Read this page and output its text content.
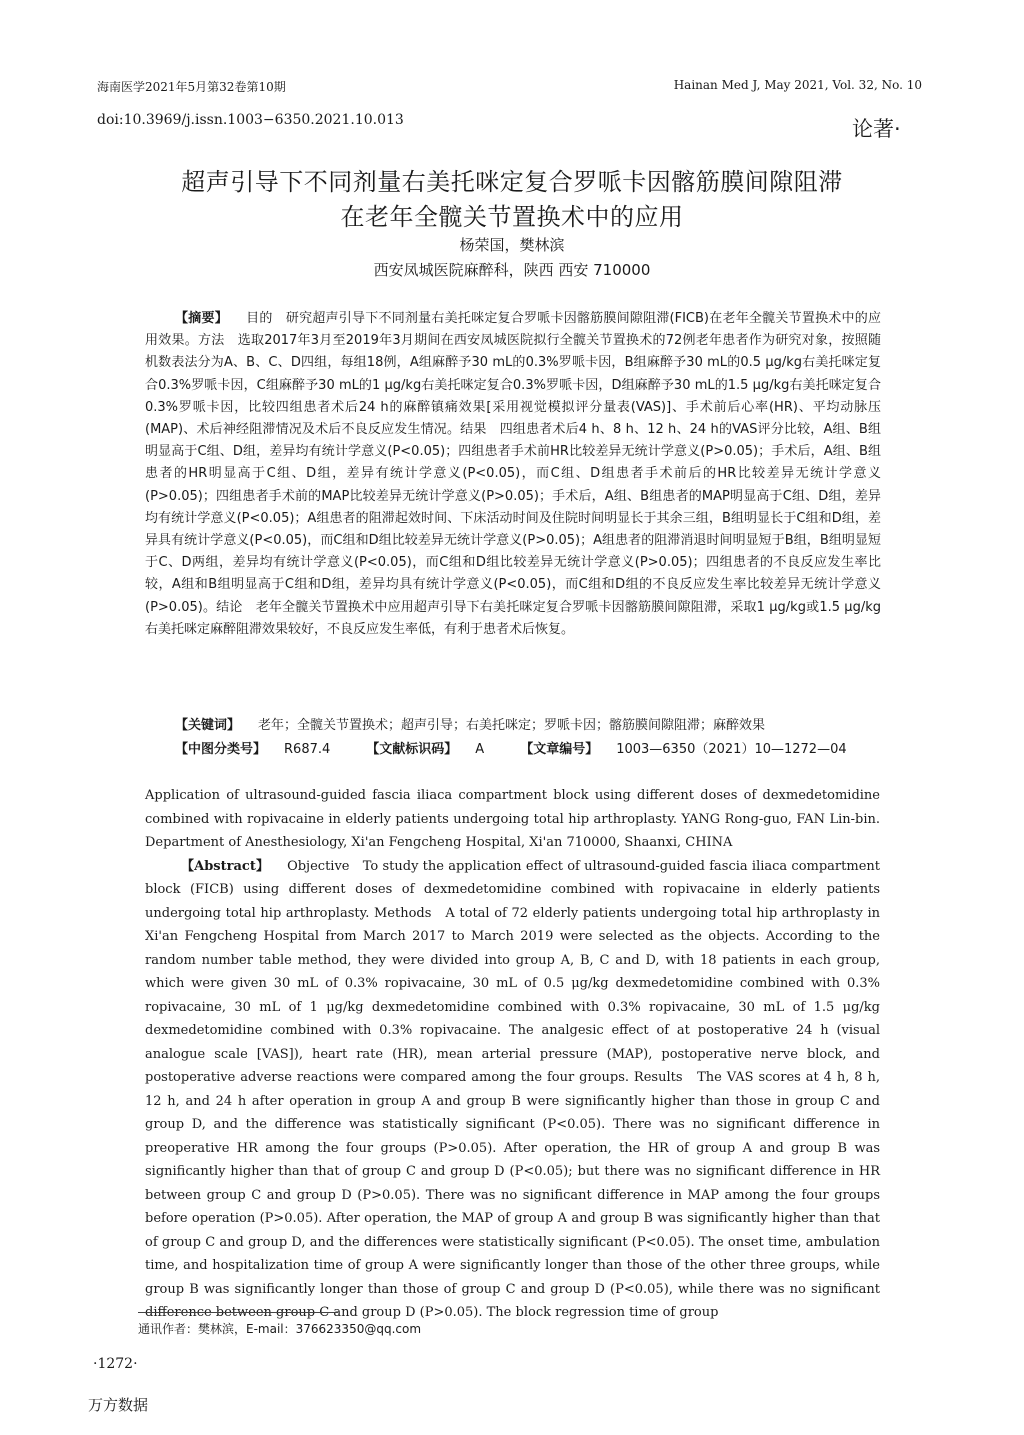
海南医学2021年5月第32卷第10期	Hainan Med J, May 2021, Vol. 32, No. 10
doi:10.3969/j.issn.1003−6350.2021.10.013	论著·
超声引导下不同剂量右美托咪定复合罗哌卡因髂筋膜间隙阻滞
在老年全髋关节置换术中的应用
杨荣国，樊林滨
西安凤城医院麻醉科，陕西 西安 710000

【摘要】 目的　研究超声引导下不同剂量右美托咪定复合罗哌卡因髂筋膜间隙阻滞(FICB)在老年全髋关节置换术中的应用效果。方法　选取2017年3月至2019年3月期间在西安凤城医院拟行全髋关节置换术的72例老年患者作为研究对象，按照随机数表法分为A、B、C、D四组，每组18例，A组麻醉予30 mL的0.3%罗哌卡因，B组麻醉予30 mL的0.5 μg/kg右美托咪定复合0.3%罗哌卡因，C组麻醉予30 mL的1 μg/kg右美托咪定复合0.3%罗哌卡因，D组麻醉予30 mL的1.5 μg/kg右美托咪定复合0.3%罗哌卡因，比较四组患者术后24 h的麻醉镇痛效果[采用视觉模拟评分量表(VAS)]、手术前后心率(HR)、平均动脉压(MAP)、术后神经阻滞情况及术后不良反应发生情况。结果　四组患者术后4 h、8 h、12 h、24 h的VAS评分比较，A组、B组明显高于C组、D组，差异均有统计学意义(P<0.05)；四组患者手术前HR比较差异无统计学意义(P>0.05)；手术后，A组、B组患者的HR明显高于C组、D组，差异有统计学意义(P<0.05)，而C组、D组患者手术前后的HR比较差异无统计学意义(P>0.05)；四组患者手术前的MAP比较差异无统计学意义(P>0.05)；手术后，A组、B组患者的MAP明显高于C组、D组，差异均有统计学意义(P<0.05)；A组患者的阻滞起效时间、下床活动时间及住院时间明显长于其余三组，B组明显长于C组和D组，差异具有统计学意义(P<0.05)，而C组和D组比较差异无统计学意义(P>0.05)；A组患者的阻滞消退时间明显短于B组，B组明显短于C、D两组，差异均有统计学意义(P<0.05)，而C组和D组比较差异无统计学意义(P>0.05)；四组患者的不良反应发生率比较，A组和B组明显高于C组和D组，差异均具有统计学意义(P<0.05)，而C组和D组的不良反应发生率比较差异无统计学意义(P>0.05)。结论　老年全髋关节置换术中应用超声引导下右美托咪定复合罗哌卡因髂筋膜间隙阻滞，采取1 μg/kg或1.5 μg/kg右美托咪定麻醉阻滞效果较好，不良反应发生率低，有利于患者术后恢复。

【关键词】 老年；全髋关节置换术；超声引导；右美托咪定；罗哌卡因；髂筋膜间隙阻滞；麻醉效果

【中图分类号】 R687.4	【文献标识码】 A	【文章编号】 1003—6350（2021）10—1272—04

Application of ultrasound-guided fascia iliaca compartment block using different doses of dexmedetomidine combined with ropivacaine in elderly patients undergoing total hip arthroplasty. YANG Rong-guo, FAN Lin-bin. Department of Anesthesiology, Xi'an Fengcheng Hospital, Xi'an 710000, Shaanxi, CHINA

【Abstract】 Objective　To study the application effect of ultrasound-guided fascia iliaca compartment block (FICB) using different doses of dexmedetomidine combined with ropivacaine in elderly patients undergoing total hip arthroplasty. Methods　A total of 72 elderly patients undergoing total hip arthroplasty in Xi'an Fengcheng Hospital from March 2017 to March 2019 were selected as the objects. According to the random number table method, they were divided into group A, B, C and D, with 18 patients in each group, which were given 30 mL of 0.3% ropivacaine, 30 mL of 0.5 μg/kg dexmedetomidine combined with 0.3% ropivacaine, 30 mL of 1 μg/kg dexmedetomidine combined with 0.3% ropivacaine, 30 mL of 1.5 μg/kg dexmedetomidine combined with 0.3% ropivacaine. The analgesic effect of at postoperative 24 h (visual analogue scale [VAS]), heart rate (HR), mean arterial pressure (MAP), postoperative nerve block, and postoperative adverse reactions were compared among the four groups. Results　The VAS scores at 4 h, 8 h, 12 h, and 24 h after operation in group A and group B were significantly higher than those in group C and group D, and the difference was statistically significant (P<0.05). There was no significant difference in preoperative HR among the four groups (P>0.05). After operation, the HR of group A and group B was significantly higher than that of group C and group D (P<0.05); but there was no significant difference in HR between group C and group D (P>0.05). There was no significant difference in MAP among the four groups before operation (P>0.05). After operation, the MAP of group A and group B was significantly higher than that of group C and group D, and the differences were statistically significant (P<0.05). The onset time, ambulation time, and hospitalization time of group A were significantly longer than those of the other three groups, while group B was significantly longer than those of group C and group D (P<0.05), while there was no significant difference between group C and group D (P>0.05). The block regression time of group

通讯作者：樊林滨，E-mail：376623350@qq.com
·1272·
万方数据
